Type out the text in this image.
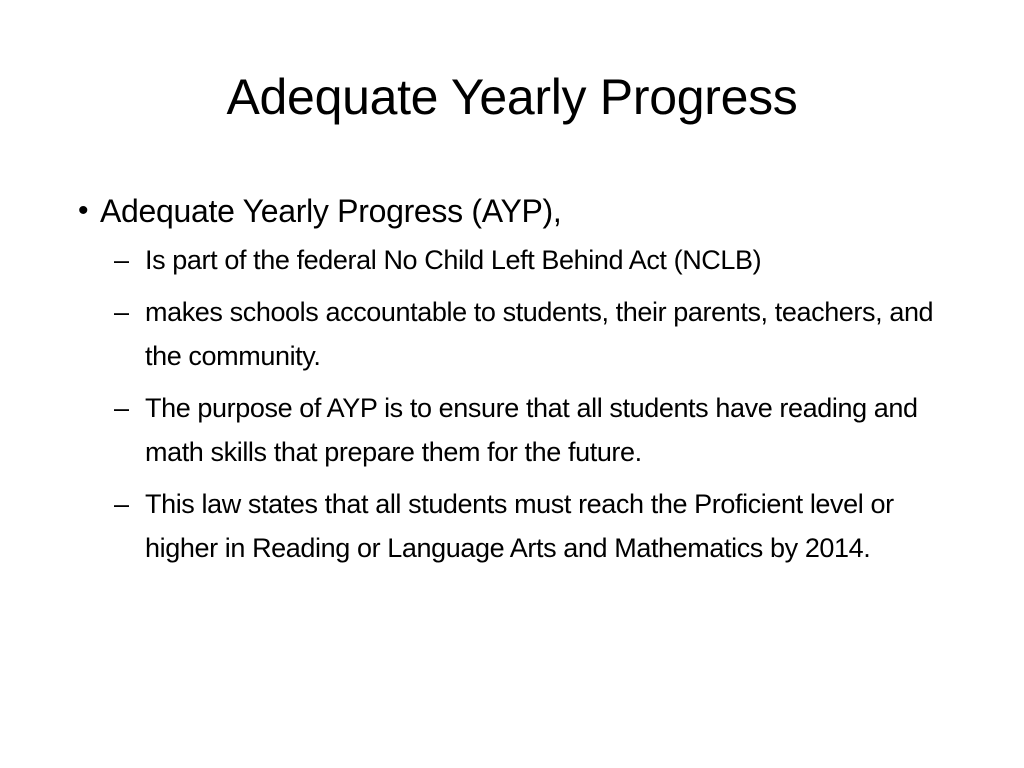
Adequate Yearly Progress
• Adequate Yearly Progress (AYP),
– Is part of the federal No Child Left Behind Act (NCLB)
– makes schools accountable to students, their parents, teachers, and the community.
– The purpose of AYP is to ensure that all students have reading and math skills that prepare them for the future.
– This law states that all students must reach the Proficient level or higher in Reading or Language Arts and Mathematics by 2014.
